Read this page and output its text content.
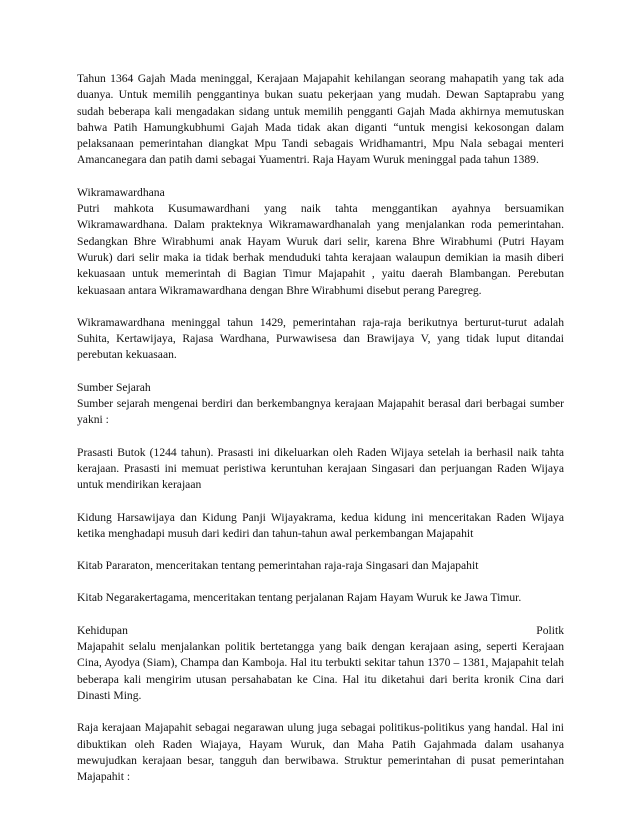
Tahun 1364 Gajah Mada meninggal, Kerajaan Majapahit kehilangan seorang mahapatih yang tak ada duanya. Untuk memilih penggantinya bukan suatu pekerjaan yang mudah. Dewan Saptaprabu yang sudah beberapa kali mengadakan sidang untuk memilih pengganti Gajah Mada akhirnya memutuskan bahwa Patih Hamungkubhumi Gajah Mada tidak akan diganti “untuk mengisi kekosongan dalam pelaksanaan pemerintahan diangkat Mpu Tandi sebagais Wridhamantri, Mpu Nala sebagai menteri Amancanegara dan patih dami sebagai Yuamentri. Raja Hayam Wuruk meninggal pada tahun 1389.

Wikramawardhana

Putri mahkota Kusumawardhani yang naik tahta menggantikan ayahnya bersuamikan Wikramawardhana. Dalam prakteknya Wikramawardhanalah yang menjalankan roda pemerintahan. Sedangkan Bhre Wirabhumi anak Hayam Wuruk dari selir, karena Bhre Wirabhumi (Putri Hayam Wuruk) dari selir maka ia tidak berhak menduduki tahta kerajaan walaupun demikian ia masih diberi kekuasaan untuk memerintah di Bagian Timur Majapahit , yaitu daerah Blambangan. Perebutan kekuasaan antara Wikramawardhana dengan Bhre Wirabhumi disebut perang Paregreg.

Wikramawardhana meninggal tahun 1429, pemerintahan raja-raja berikutnya berturut-turut adalah Suhita, Kertawijaya, Rajasa Wardhana, Purwawisesa dan Brawijaya V, yang tidak luput ditandai perebutan kekuasaan.

Sumber Sejarah

Sumber sejarah mengenai berdiri dan berkembangnya kerajaan Majapahit berasal dari berbagai sumber yakni :

Prasasti Butok (1244 tahun). Prasasti ini dikeluarkan oleh Raden Wijaya setelah ia berhasil naik tahta kerajaan. Prasasti ini memuat peristiwa keruntuhan kerajaan Singasari dan perjuangan Raden Wijaya untuk mendirikan kerajaan

Kidung Harsawijaya dan Kidung Panji Wijayakrama, kedua kidung ini menceritakan Raden Wijaya ketika menghadapi musuh dari kediri dan tahun-tahun awal perkembangan Majapahit

Kitab Pararaton, menceritakan tentang pemerintahan raja-raja Singasari dan Majapahit

Kitab Negarakertagama, menceritakan tentang perjalanan Rajam Hayam Wuruk ke Jawa Timur.

Kehidupan	Politk

Majapahit selalu menjalankan politik bertetangga yang baik dengan kerajaan asing, seperti Kerajaan Cina, Ayodya (Siam), Champa dan Kamboja. Hal itu terbukti sekitar tahun 1370 – 1381, Majapahit telah beberapa kali mengirim utusan persahabatan ke Cina. Hal itu diketahui dari berita kronik Cina dari Dinasti Ming.

Raja kerajaan Majapahit sebagai negarawan ulung juga sebagai politikus-politikus yang handal. Hal ini dibuktikan oleh Raden Wiajaya, Hayam Wuruk, dan Maha Patih Gajahmada dalam usahanya mewujudkan kerajaan besar, tangguh dan berwibawa. Struktur pemerintahan di pusat pemerintahan Majapahit :
